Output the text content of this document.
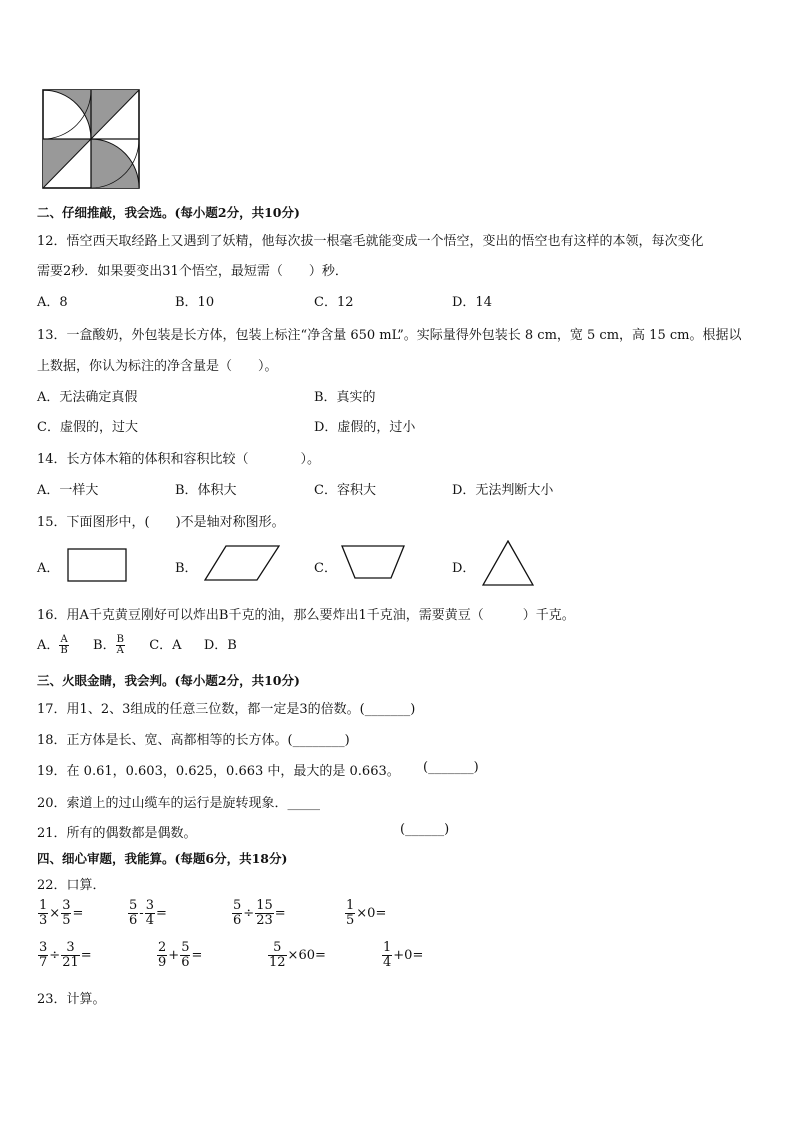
二、仔细推敲，我会选。(每小题2分，共10分)
12．悟空西天取经路上又遇到了妖精，他每次拔一根毫毛就能变成一个悟空，变出的悟空也有这样的本领，每次变化
需要2秒．如果要变出31个悟空，最短需（　　）秒．
A．8	B．10	C．12	D．14
13．一盒酸奶，外包装是长方体，包装上标注“净含量 650 mL”。实际量得外包装长 8 cm，宽 5 cm，高 15 cm。根据以
上数据，你认为标注的净含量是（　　）。
A．无法确定真假	B．真实的
C．虚假的，过大	D．虚假的，过小
14．长方体木箱的体积和容积比较（　　　　）。
A．一样大	B．体积大	C．容积大	D．无法判断大小
15．下面图形中，(　　)不是轴对称图形。
A．	B．	C．	D．
16．用A千克黄豆刚好可以炸出B千克的油，那么要炸出1千克油，需要黄豆（　　　）千克。
A． $\frac{A}{B}$ B． $\frac{B}{A}$ C．A D．B
三、火眼金睛，我会判。(每小题2分，共10分)
17．用1、2、3组成的任意三位数，都一定是3的倍数。(_______)
18．正方体是长、宽、高都相等的长方体。(________)
19．在 0.61，0.603，0.625，0.663 中，最大的是 0.663。 (_______)
20．索道上的过山缆车的运行是旋转现象．_____
21．所有的偶数都是偶数。	(______)
四、细心审题，我能算。(每题6分，共18分)
22．口算．
$\frac{1}{3} \times \frac{3}{5}$ =	$\frac{5}{6} - \frac{3}{4}$ =	$\frac{5}{6} \div \frac{15}{23}$ =	$\frac{1}{5} \times 0=$
$\frac{3}{7} \div \frac{3}{21}$ =	$\frac{2}{9} + \frac{5}{6}$ =	$\frac{5}{12} \times 60=$	$\frac{1}{4} +0=$
23．计算。
